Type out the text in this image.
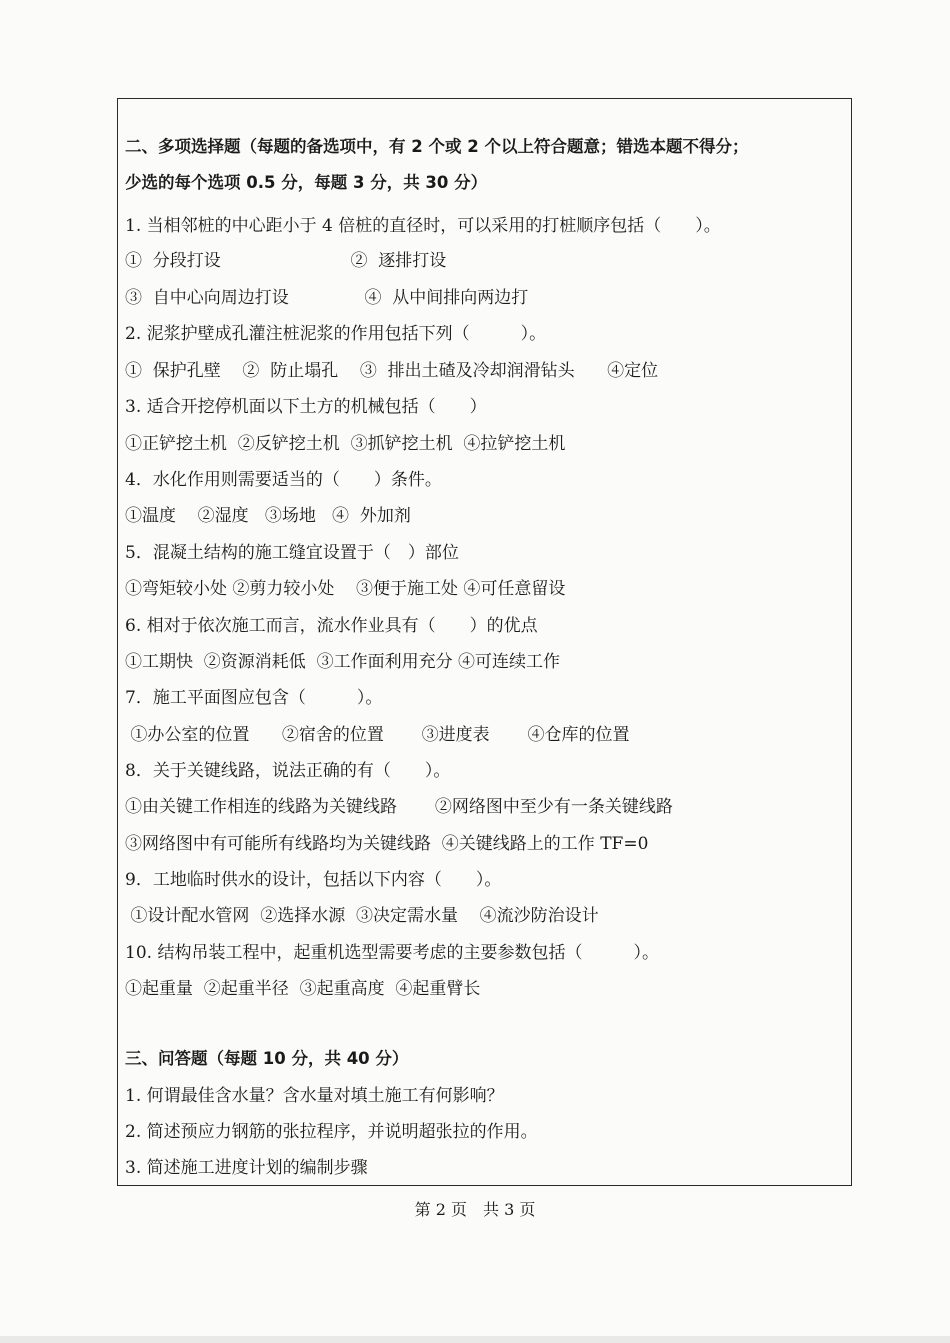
二、多项选择题（每题的备选项中，有 2 个或 2 个以上符合题意；错选本题不得分；
少选的每个选项 0.5 分，每题 3 分，共 30 分）
1. 当相邻桩的中心距小于 4 倍桩的直径时，可以采用的打桩顺序包括（　　）。
①  分段打设                        ②  逐排打设
③  自中心向周边打设              ④  从中间排向两边打
2. 泥浆护壁成孔灌注桩泥浆的作用包括下列（　　　）。
①  保护孔壁    ②  防止塌孔    ③  排出土碴及冷却润滑钻头      ④定位
3. 适合开挖停机面以下土方的机械包括（　　）
①正铲挖土机  ②反铲挖土机  ③抓铲挖土机  ④拉铲挖土机
4．水化作用则需要适当的（　　）条件。
①温度    ②湿度   ③场地   ④  外加剂
5．混凝土结构的施工缝宜设置于（　）部位
①弯矩较小处 ②剪力较小处    ③便于施工处 ④可任意留设
6. 相对于依次施工而言，流水作业具有（　　）的优点
①工期快  ②资源消耗低  ③工作面利用充分 ④可连续工作
7．施工平面图应包含（　　　）。
①办公室的位置      ②宿舍的位置       ③进度表       ④仓库的位置
8．关于关键线路，说法正确的有（　　）。
①由关键工作相连的线路为关键线路       ②网络图中至少有一条关键线路
③网络图中有可能所有线路均为关键线路  ④关键线路上的工作 TF=0
9．工地临时供水的设计，包括以下内容（　　）。
①设计配水管网  ②选择水源  ③决定需水量    ④流沙防治设计
10. 结构吊装工程中，起重机选型需要考虑的主要参数包括（　　　）。
①起重量  ②起重半径  ③起重高度  ④起重臂长
三、问答题（每题 10 分，共 40 分）
1. 何谓最佳含水量？含水量对填土施工有何影响？
2. 简述预应力钢筋的张拉程序，并说明超张拉的作用。
3. 简述施工进度计划的编制步骤
第 2 页　共 3 页
